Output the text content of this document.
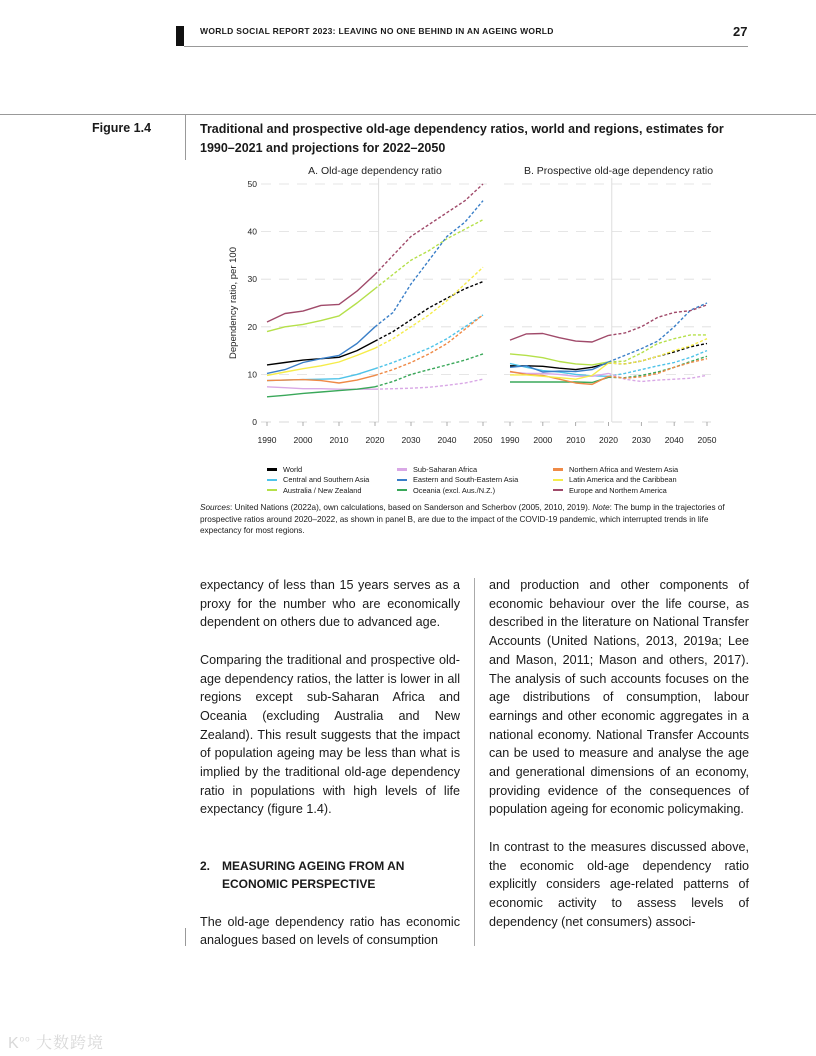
WORLD SOCIAL REPORT 2023: LEAVING NO ONE BEHIND IN AN AGEING WORLD	27
Figure 1.4	Traditional and prospective old-age dependency ratios, world and regions, estimates for 1990–2021 and projections for 2022–2050
Dependency ratio, per 100
0
10
20
30
40
50
A. Old-age dependency ratio
1990 2000 2010 2020 2030 2040 2050
B. Prospective old-age dependency ratio
1990 2000 2010 2020 2030 2040 2050
World	Sub-Saharan Africa	Northern Africa and Western Asia
Central and Southern Asia	Eastern and South-Eastern Asia	Latin America and the Caribbean
Australia / New Zealand	Oceania (excl. Aus./N.Z.)	Europe and Northern America
Sources: United Nations (2022a), own calculations, based on Sanderson and Scherbov (2005, 2010, 2019). Note: The bump in the trajectories of prospective ratios around 2020–2022, as shown in panel B, are due to the impact of the COVID-19 pandemic, which interrupted trends in life expectancy for most regions.

expectancy of less than 15 years serves as a proxy for the number who are economically dependent on others due to advanced age.

Comparing the traditional and prospective old-age dependency ratios, the latter is lower in all regions except sub-Saharan Africa and Oceania (excluding Australia and New Zealand). This result suggests that the impact of population ageing may be less than what is implied by the traditional old-age dependency ratio in populations with high levels of life expectancy (figure 1.4).

2. MEASURING AGEING FROM AN ECONOMIC PERSPECTIVE

The old-age dependency ratio has economic analogues based on levels of consumption

and production and other components of economic behaviour over the life course, as described in the literature on National Transfer Accounts (United Nations, 2013, 2019a; Lee and Mason, 2011; Mason and others, 2017). The analysis of such accounts focuses on the age distributions of consumption, labour earnings and other economic aggregates in a national economy. National Transfer Accounts can be used to measure and analyse the age and generational dimensions of an economy, providing evidence of the consequences of population ageing for economic policymaking.

In contrast to the measures discussed above, the economic old-age dependency ratio explicitly considers age-related patterns of economic activity to assess levels of dependency (net consumers) associ-

$K^{oo}$ 大数跨境
